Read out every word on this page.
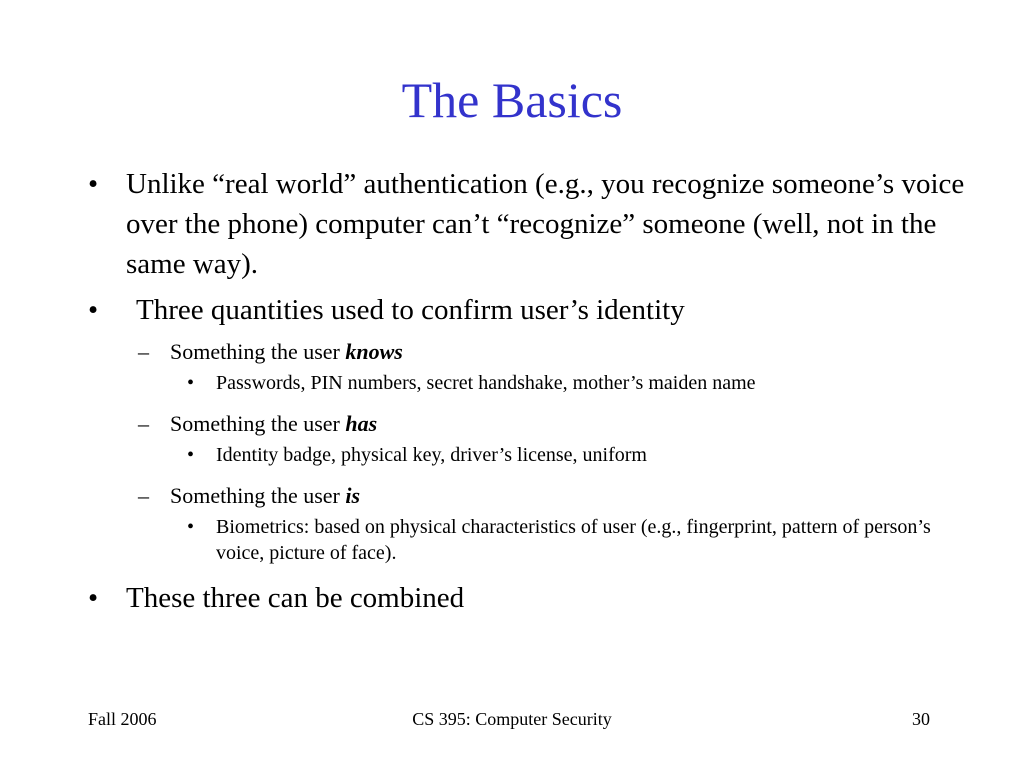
The Basics
• Unlike “real world” authentication (e.g., you recognize someone’s voice over the phone) computer can’t “recognize” someone (well, not in the same way).
• Three quantities used to confirm user’s identity
– Something the user knows
• Passwords, PIN numbers, secret handshake, mother’s maiden name
– Something the user has
• Identity badge, physical key, driver’s license, uniform
– Something the user is
• Biometrics: based on physical characteristics of user (e.g., fingerprint, pattern of person’s voice, picture of face).
• These three can be combined
Fall 2006	CS 395: Computer Security	30
